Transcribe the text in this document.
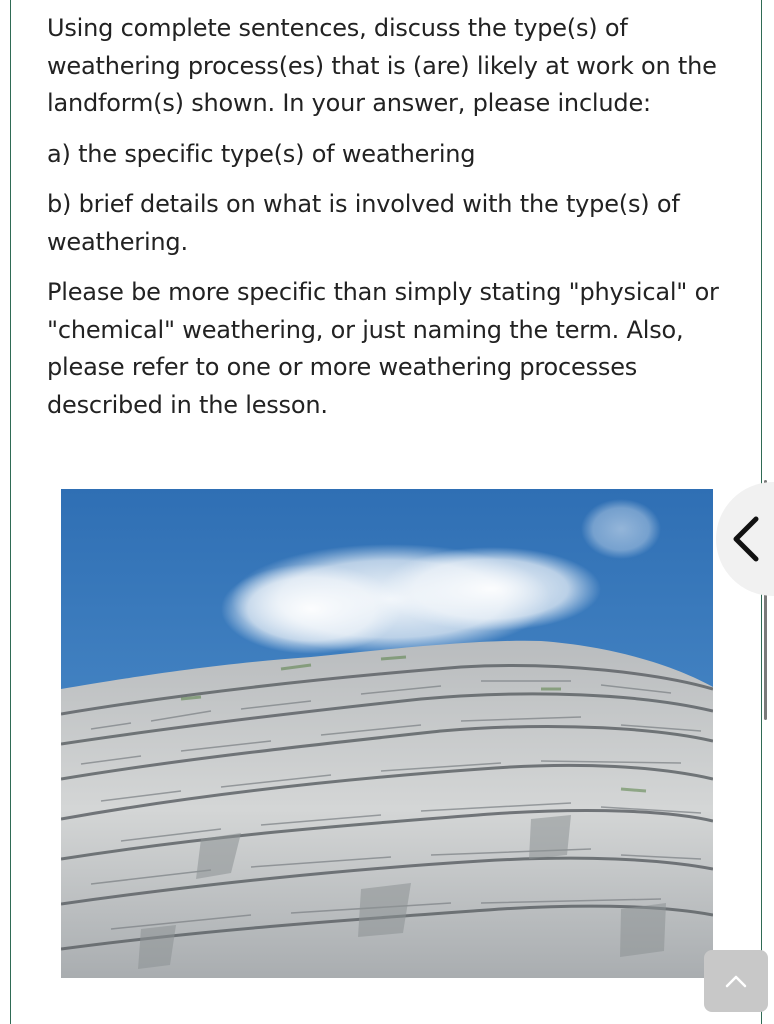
Using complete sentences, discuss the type(s) of weathering process(es) that is (are) likely at work on the landform(s) shown. In your answer, please include:

a) the specific type(s) of weathering

b) brief details on what is involved with the type(s) of weathering.

Please be more specific than simply stating "physical" or "chemical" weathering, or just naming the term. Also, please refer to one or more weathering processes described in the lesson.
